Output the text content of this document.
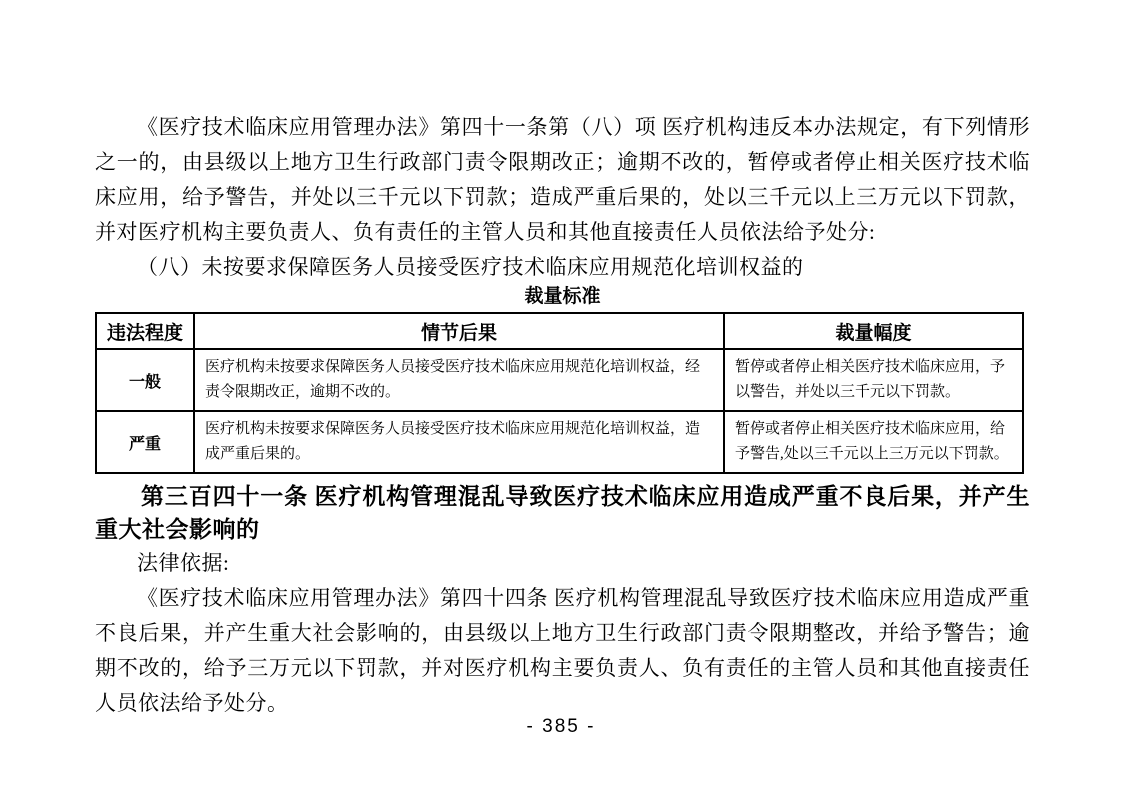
《医疗技术临床应用管理办法》第四十一条第（八）项 医疗机构违反本办法规定，有下列情形之一的，由县级以上地方卫生行政部门责令限期改正；逾期不改的，暂停或者停止相关医疗技术临床应用，给予警告，并处以三千元以下罚款；造成严重后果的，处以三千元以上三万元以下罚款，并对医疗机构主要负责人、负有责任的主管人员和其他直接责任人员依法给予处分:

（八）未按要求保障医务人员接受医疗技术临床应用规范化培训权益的

裁量标准
违法程度	情节后果	裁量幅度
一般	医疗机构未按要求保障医务人员接受医疗技术临床应用规范化培训权益，经责令限期改正，逾期不改的。	暂停或者停止相关医疗技术临床应用，予以警告，并处以三千元以下罚款。
严重	医疗机构未按要求保障医务人员接受医疗技术临床应用规范化培训权益，造成严重后果的。	暂停或者停止相关医疗技术临床应用，给予警告,处以三千元以上三万元以下罚款。
第三百四十一条 医疗机构管理混乱导致医疗技术临床应用造成严重不良后果，并产生重大社会影响的

法律依据:

《医疗技术临床应用管理办法》第四十四条 医疗机构管理混乱导致医疗技术临床应用造成严重不良后果，并产生重大社会影响的，由县级以上地方卫生行政部门责令限期整改，并给予警告；逾期不改的，给予三万元以下罚款，并对医疗机构主要负责人、负有责任的主管人员和其他直接责任人员依法给予处分。

- 385 -
